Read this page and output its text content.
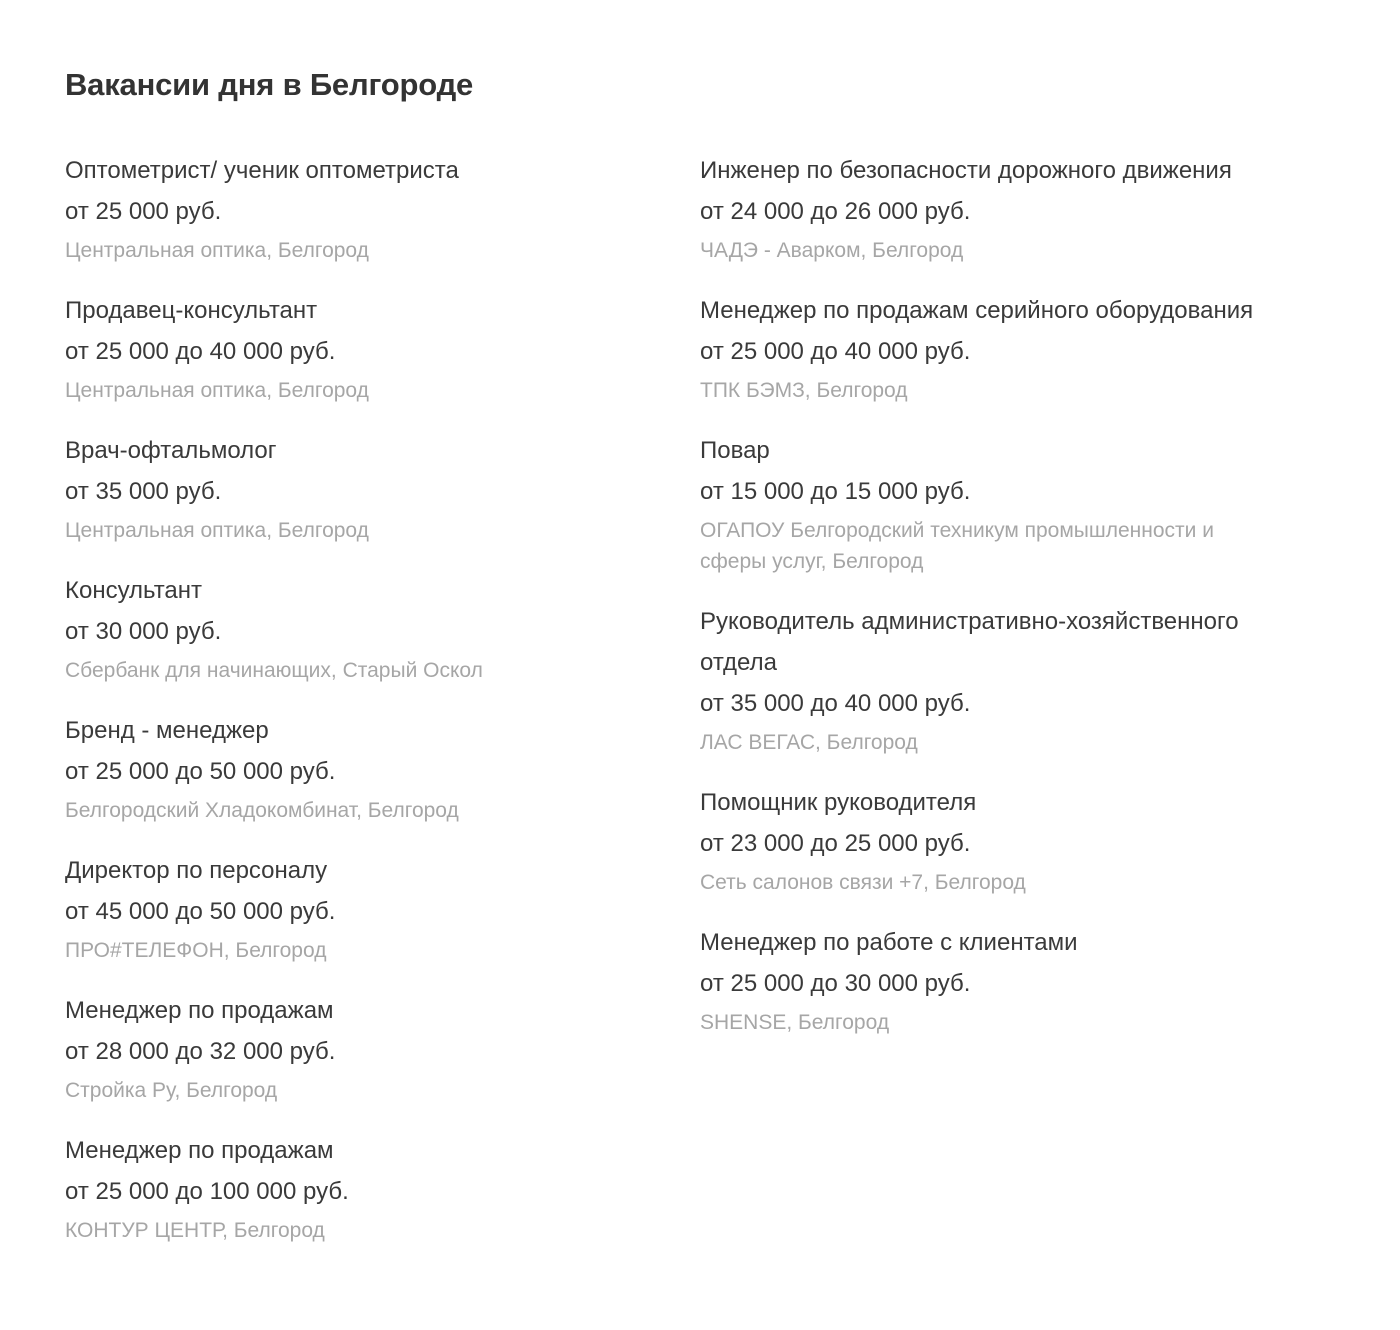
Вакансии дня в Белгороде
Оптометрист/ ученик оптометриста
от 25 000 руб.
Центральная оптика, Белгород
Продавец-консультант
от 25 000 до 40 000 руб.
Центральная оптика, Белгород
Врач-офтальмолог
от 35 000 руб.
Центральная оптика, Белгород
Консультант
от 30 000 руб.
Сбербанк для начинающих, Старый Оскол
Бренд - менеджер
от 25 000 до 50 000 руб.
Белгородский Хладокомбинат, Белгород
Директор по персоналу
от 45 000 до 50 000 руб.
ПРО#ТЕЛЕФОН, Белгород
Менеджер по продажам
от 28 000 до 32 000 руб.
Стройка Ру, Белгород
Менеджер по продажам
от 25 000 до 100 000 руб.
КОНТУР ЦЕНТР, Белгород
Инженер по безопасности дорожного движения
от 24 000 до 26 000 руб.
ЧАДЭ - Аварком, Белгород
Менеджер по продажам серийного оборудования
от 25 000 до 40 000 руб.
ТПК БЭМЗ, Белгород
Повар
от 15 000 до 15 000 руб.
ОГАПОУ Белгородский техникум промышленности и сферы услуг, Белгород
Руководитель административно-хозяйственного отдела
от 35 000 до 40 000 руб.
ЛАС ВЕГАС, Белгород
Помощник руководителя
от 23 000 до 25 000 руб.
Сеть салонов связи +7, Белгород
Менеджер по работе с клиентами
от 25 000 до 30 000 руб.
SHENSE, Белгород
